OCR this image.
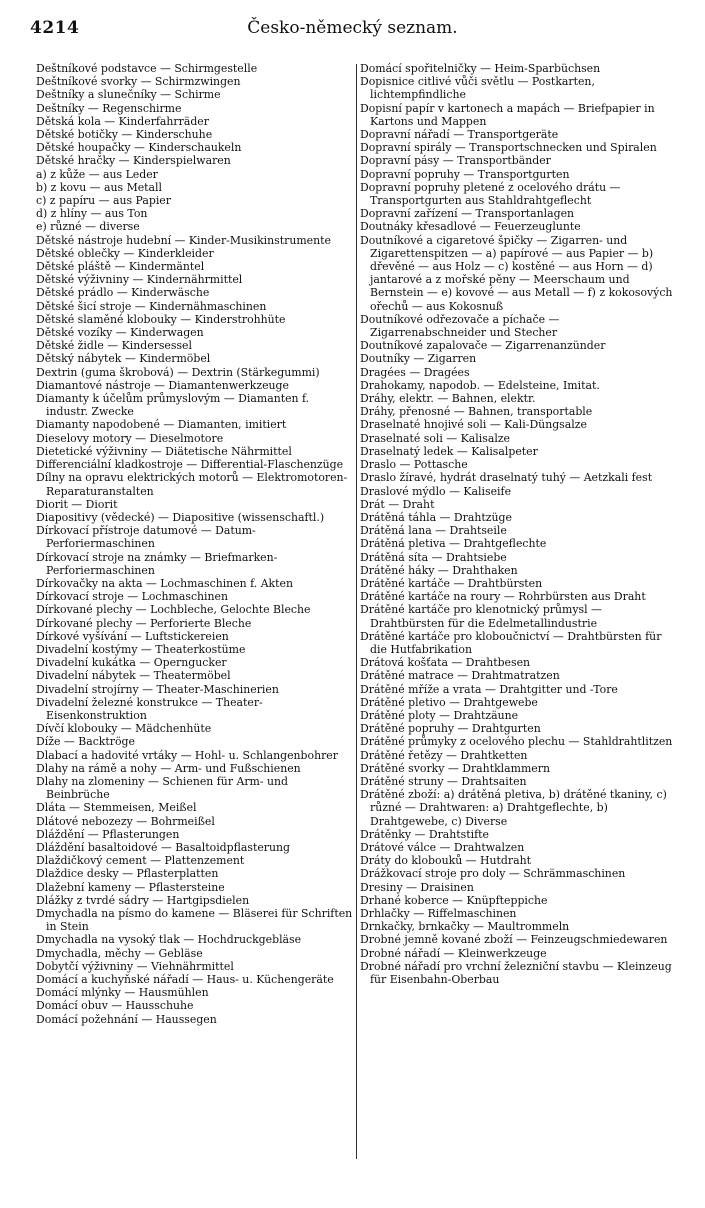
4214	Česko-německý seznam.

Deštníkové podstavce — Schirmgestelle

Deštníkové svorky — Schirmzwingen

Deštníky a slunečníky — Schirme

Deštníky — Regenschirme

Dětská kola — Kinderfahrräder

Dětské botičky — Kinderschuhe

Dětské houpačky — Kinderschaukeln

Dětské hračky — Kinderspielwaren

a) z kůže — aus Leder

b) z kovu — aus Metall

c) z papíru — aus Papier

d) z hlíny — aus Ton

e) různé — diverse

Dětské nástroje hudební — Kinder-Musikinstrumente

Dětské oblečky — Kinderkleider

Dětské pláště — Kindermäntel

Dětské výživniny — Kindernährmittel

Dětské prádlo — Kinderwäsche

Dětské šicí stroje — Kindernähmaschinen

Dětské slaměné klobouky — Kinderstrohhüte

Dětské vozíky — Kinderwagen

Dětské židle — Kindersessel

Dětský nábytek — Kindermöbel

Dextrin (guma škrobová) — Dextrin (Stärkegummi)

Diamantové nástroje — Diamantenwerkzeuge

Diamanty k účelům průmyslovým — Diamanten f. industr. Zwecke

Diamanty napodobené — Diamanten, imitiert

Dieselovy motory — Dieselmotore

Dietetické výživniny — Diätetische Nährmittel

Differenciální kladkostroje — Differential-Flaschenzüge

Dílny na opravu elektrických motorů — Elektromotoren-Reparaturanstalten

Diorit — Diorit

Diapositivy (vědecké) — Diapositive (wissenschaftl.)

Dírkovací přístroje datumové — Datum-Perforiermaschinen

Dírkovací stroje na známky — Briefmarken-Perforiermaschinen

Dírkovačky na akta — Lochmaschinen f. Akten

Dírkovací stroje — Lochmaschinen

Dírkované plechy — Lochbleche, Gelochte Bleche

Dírkované plechy — Perforierte Bleche

Dírkové vyšívání — Luftstickereien

Divadelní kostýmy — Theaterkostüme

Divadelní kukátka — Operngucker

Divadelní nábytek — Theatermöbel

Divadelní strojírny — Theater-Maschinerien

Divadelní železné konstrukce — Theater-Eisenkonstruktion

Dívčí klobouky — Mädchenhüte

Díže — Backtröge

Dlabací a hadovité vrtáky — Hohl- u. Schlangenbohrer

Dlahy na rámě a nohy — Arm- und Fußschienen

Dlahy na zlomeniny — Schienen für Arm- und Beinbrüche

Dláta — Stemmeisen, Meißel

Dlátové nebozezy — Bohrmeißel

Dláždění — Pflasterungen

Dláždění basaltoidové — Basaltoidpflasterung

Dlaždičkový cement — Plattenzement

Dlaždice desky — Pflasterplatten

Dlažební kameny — Pflastersteine

Dlážky z tvrdé sádry — Hartgipsdielen

Dmychadla na písmo do kamene — Bläserei für Schriften in Stein

Dmychadla na vysoký tlak — Hochdruckgebläse

Dmychadla, měchy — Gebläse

Dobytčí výživniny — Viehnährmittel

Domácí a kuchyňské nářadí — Haus- u. Küchengeräte

Domácí mlýnky — Hausmühlen

Domácí obuv — Hausschuhe

Domácí požehnání — Haussegen

Domácí spořitelničky — Heim-Sparbüchsen

Dopisnice citlivé vůči světlu — Postkarten, lichtempfindliche

Dopisní papír v kartonech a mapách — Briefpapier in Kartons und Mappen

Dopravní nářadí — Transportgeräte

Dopravní spirály — Transportschnecken und Spiralen

Dopravní pásy — Transportbänder

Dopravní popruhy — Transportgurten

Dopravní popruhy pletené z ocelového drátu — Transportgurten aus Stahldrahtgeflecht

Dopravní zařízení — Transportanlagen

Doutnáky křesadlové — Feuerzeuglunte

Doutníkové a cigaretové špičky — Zigarren- und Zigarettenspitzen — a) papírové — aus Papier — b) dřevěné — aus Holz — c) kostěné — aus Horn — d) jantarové a z mořské pěny — Meerschaum und Bernstein — e) kovové — aus Metall — f) z kokosových ořechů — aus Kokosnuß

Doutníkové odřezovače a píchače — Zigarrenabschneider und Stecher

Doutníkové zapalovače — Zigarrenanzünder

Doutníky — Zigarren

Dragées — Dragées

Drahokamy, napodob. — Edelsteine, Imitat.

Dráhy, elektr. — Bahnen, elektr.

Dráhy, přenosné — Bahnen, transportable

Draselnaté hnojivé soli — Kali-Düngsalze

Draselnaté soli — Kalisalze

Draselnatý ledek — Kalisalpeter

Draslo — Pottasche

Draslo žíravé, hydrát draselnatý tuhý — Aetzkali fest

Draslové mýdlo — Kaliseife

Drát — Draht

Drátěná táhla — Drahtzüge

Drátěná lana — Drahtseile

Drátěná pletiva — Drahtgeflechte

Drátěná síta — Drahtsiebe

Drátěné háky — Drahthaken

Drátěné kartáče — Drahtbürsten

Drátěné kartáče na roury — Rohrbürsten aus Draht

Drátěné kartáče pro klenotnický průmysl — Drahtbürsten für die Edelmetallindustrie

Drátěné kartáče pro kloboučnictví — Drahtbürsten für die Hutfabrikation

Drátová košťata — Drahtbesen

Drátěné matrace — Drahtmatratzen

Drátěné mříže a vrata — Drahtgitter und -Tore

Drátěné pletivo — Drahtgewebe

Drátěné ploty — Drahtzäune

Drátěné popruhy — Drahtgurten

Drátěné průmyky z ocelového plechu — Stahldrahtlitzen

Drátěné řetězy — Drahtketten

Drátěné svorky — Drahtklammern

Drátěné struny — Drahtsaiten

Drátěné zboží: a) drátěná pletiva, b) drátěné tkaniny, c) různé — Drahtwaren: a) Drahtgeflechte, b) Drahtgewebe, c) Diverse

Drátěnky — Drahtstifte

Drátové válce — Drahtwalzen

Dráty do klobouků — Hutdraht

Drážkovací stroje pro doly — Schrämmaschinen

Dresiny — Draisinen

Drhané koberce — Knüpfteppiche

Drhlačky — Riffelmaschinen

Drnkačky, brnkačky — Maultrommeln

Drobné jemně kované zboží — Feinzeugschmiedewaren

Drobné nářadí — Kleinwerkzeuge

Drobné nářadí pro vrchní železniční stavbu — Kleinzeug für Eisenbahn-Oberbau
